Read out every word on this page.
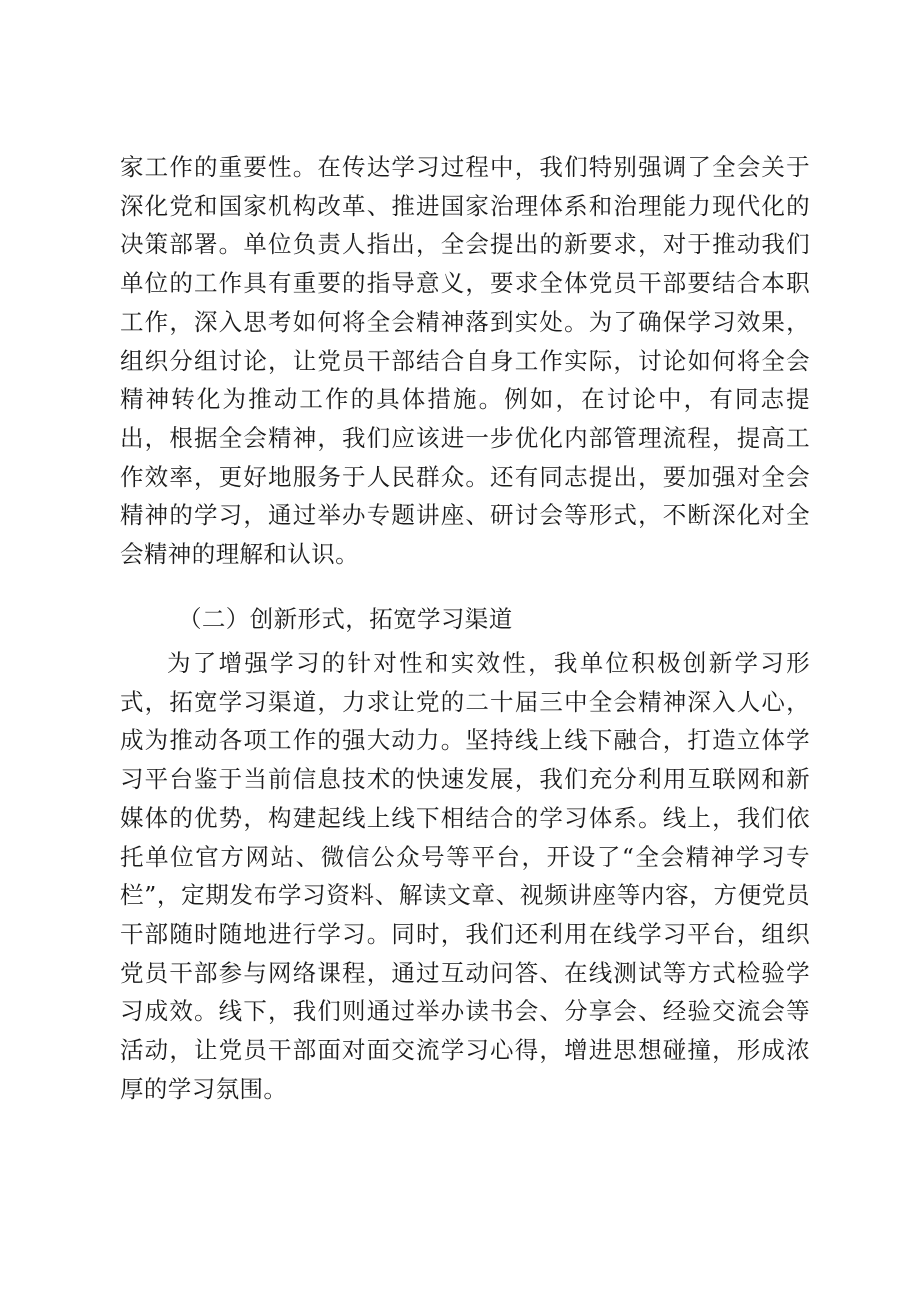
家工作的重要性。在传达学习过程中，我们特别强调了全会关于深化党和国家机构改革、推进国家治理体系和治理能力现代化的决策部署。单位负责人指出，全会提出的新要求，对于推动我们单位的工作具有重要的指导意义，要求全体党员干部要结合本职工作，深入思考如何将全会精神落到实处。为了确保学习效果，组织分组讨论，让党员干部结合自身工作实际，讨论如何将全会精神转化为推动工作的具体措施。例如，在讨论中，有同志提出，根据全会精神，我们应该进一步优化内部管理流程，提高工作效率，更好地服务于人民群众。还有同志提出，要加强对全会精神的学习，通过举办专题讲座、研讨会等形式，不断深化对全会精神的理解和认识。

（二）创新形式，拓宽学习渠道

为了增强学习的针对性和实效性，我单位积极创新学习形式，拓宽学习渠道，力求让党的二十届三中全会精神深入人心，成为推动各项工作的强大动力。坚持线上线下融合，打造立体学习平台鉴于当前信息技术的快速发展，我们充分利用互联网和新媒体的优势，构建起线上线下相结合的学习体系。线上，我们依托单位官方网站、微信公众号等平台，开设了“全会精神学习专栏”，定期发布学习资料、解读文章、视频讲座等内容，方便党员干部随时随地进行学习。同时，我们还利用在线学习平台，组织党员干部参与网络课程，通过互动问答、在线测试等方式检验学习成效。线下，我们则通过举办读书会、分享会、经验交流会等活动，让党员干部面对面交流学习心得，增进思想碰撞，形成浓厚的学习氛围。
